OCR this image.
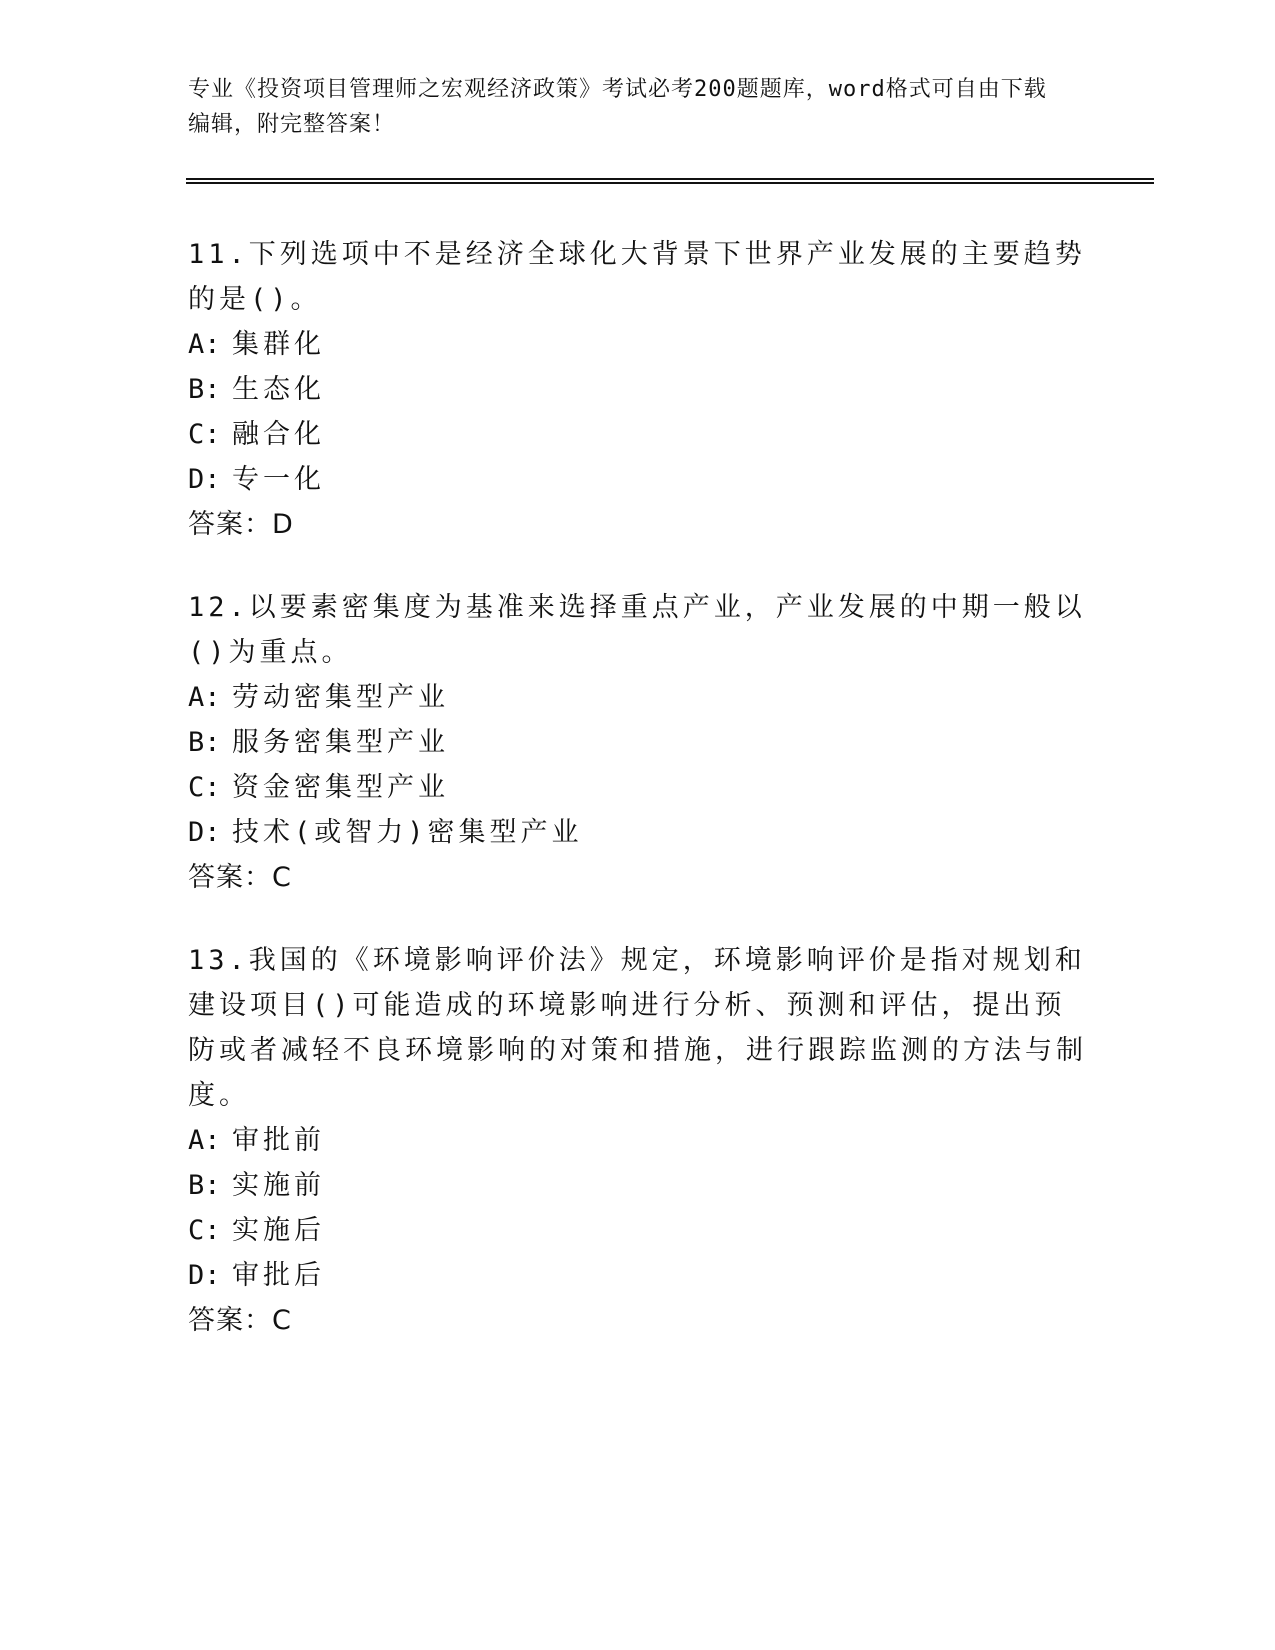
专业《投资项目管理师之宏观经济政策》考试必考200题题库，word格式可自由下载编辑，附完整答案！
11.下列选项中不是经济全球化大背景下世界产业发展的主要趋势的是()。
A: 集群化
B: 生态化
C: 融合化
D: 专一化
答案：D
12.以要素密集度为基准来选择重点产业，产业发展的中期一般以()为重点。
A: 劳动密集型产业
B: 服务密集型产业
C: 资金密集型产业
D: 技术(或智力)密集型产业
答案：C
13.我国的《环境影响评价法》规定，环境影响评价是指对规划和建设项目()可能造成的环境影响进行分析、预测和评估，提出预防或者减轻不良环境影响的对策和措施，进行跟踪监测的方法与制度。
A: 审批前
B: 实施前
C: 实施后
D: 审批后
答案：C
